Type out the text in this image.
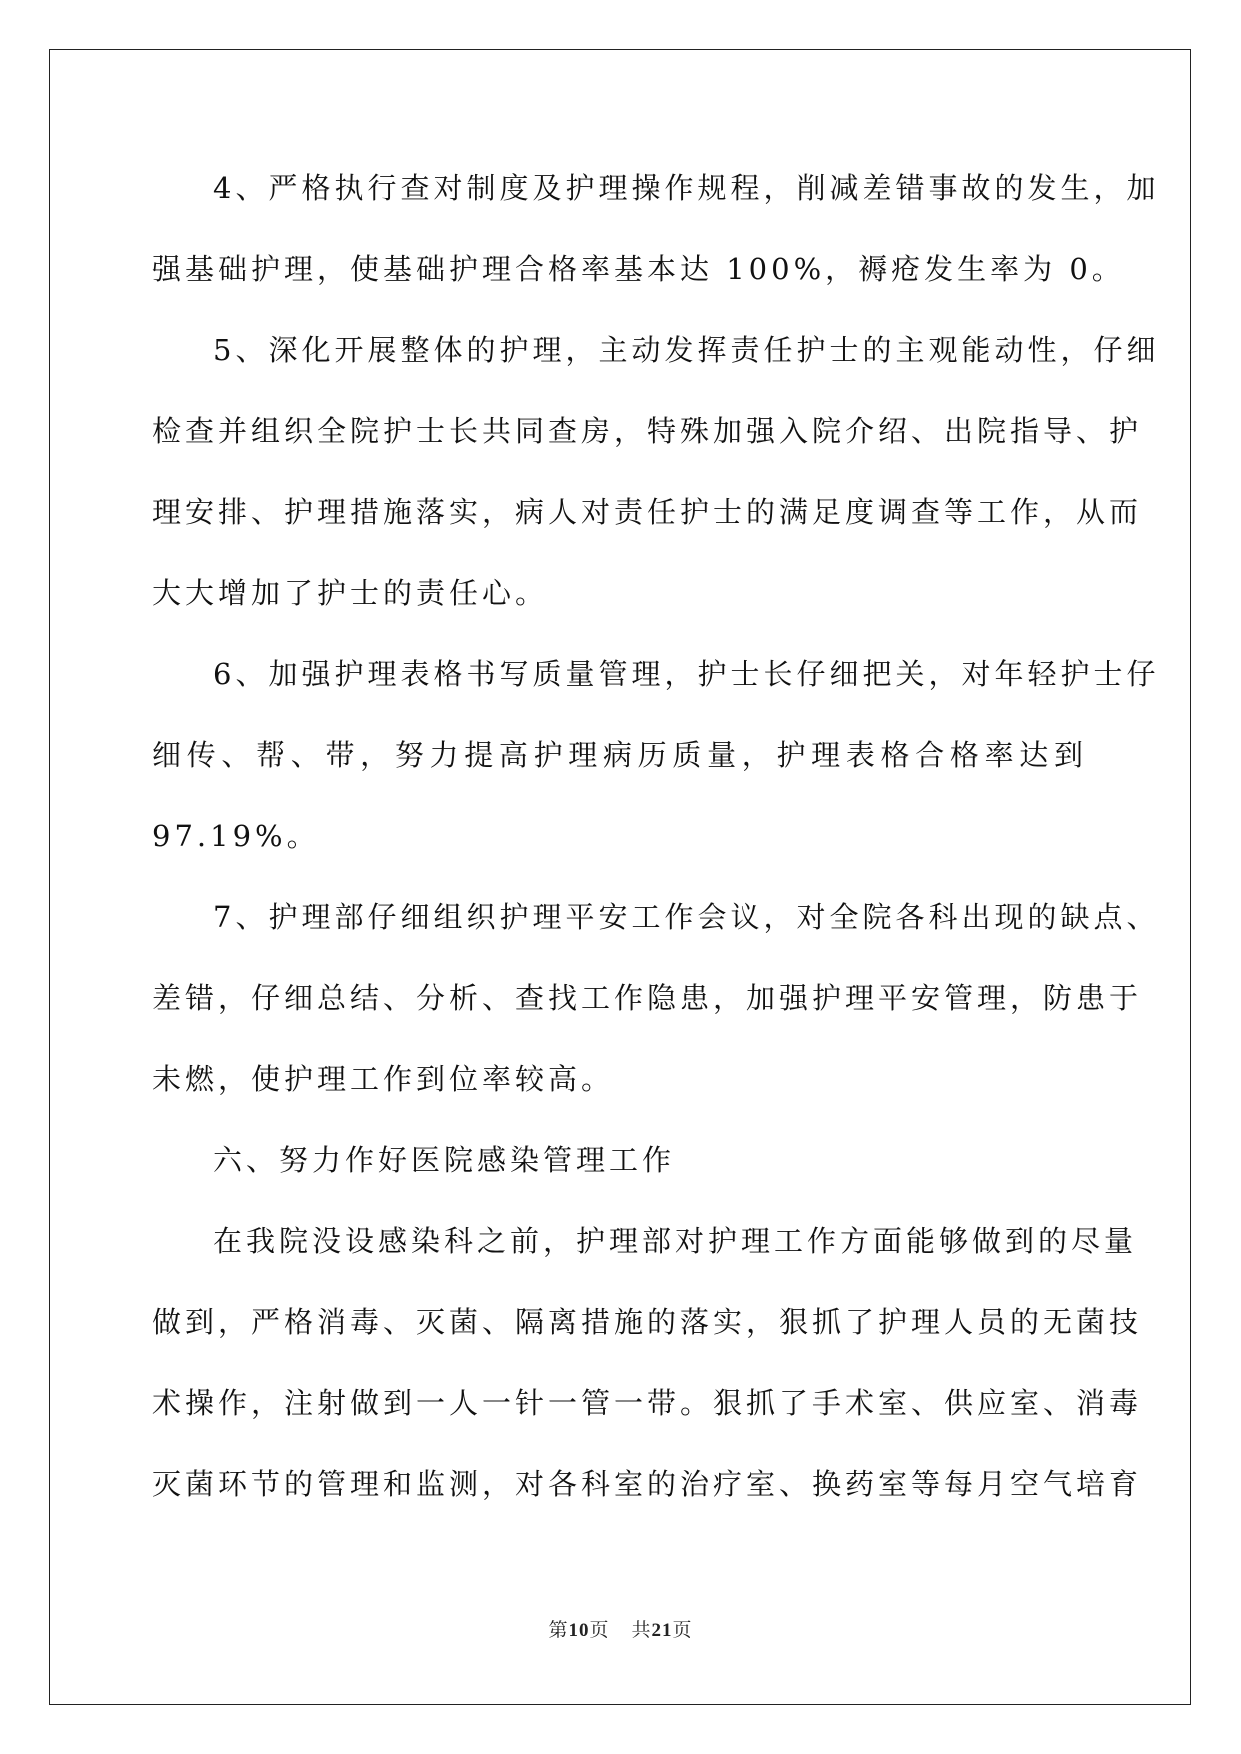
4、严格执行查对制度及护理操作规程，削减差错事故的发生，加
强基础护理，使基础护理合格率基本达 100%，褥疮发生率为 0。
5、深化开展整体的护理，主动发挥责任护士的主观能动性，仔细
检查并组织全院护士长共同查房，特殊加强入院介绍、出院指导、护
理安排、护理措施落实，病人对责任护士的满足度调查等工作，从而
大大增加了护士的责任心。
6、加强护理表格书写质量管理，护士长仔细把关，对年轻护士仔
细传、帮、带，努力提高护理病历质量，护理表格合格率达到
97.19%。
7、护理部仔细组织护理平安工作会议，对全院各科出现的缺点、
差错，仔细总结、分析、查找工作隐患，加强护理平安管理，防患于
未燃，使护理工作到位率较高。
六、努力作好医院感染管理工作
在我院没设感染科之前，护理部对护理工作方面能够做到的尽量
做到，严格消毒、灭菌、隔离措施的落实，狠抓了护理人员的无菌技
术操作，注射做到一人一针一管一带。狠抓了手术室、供应室、消毒
灭菌环节的管理和监测，对各科室的治疗室、换药室等每月空气培育
第10页 共21页
